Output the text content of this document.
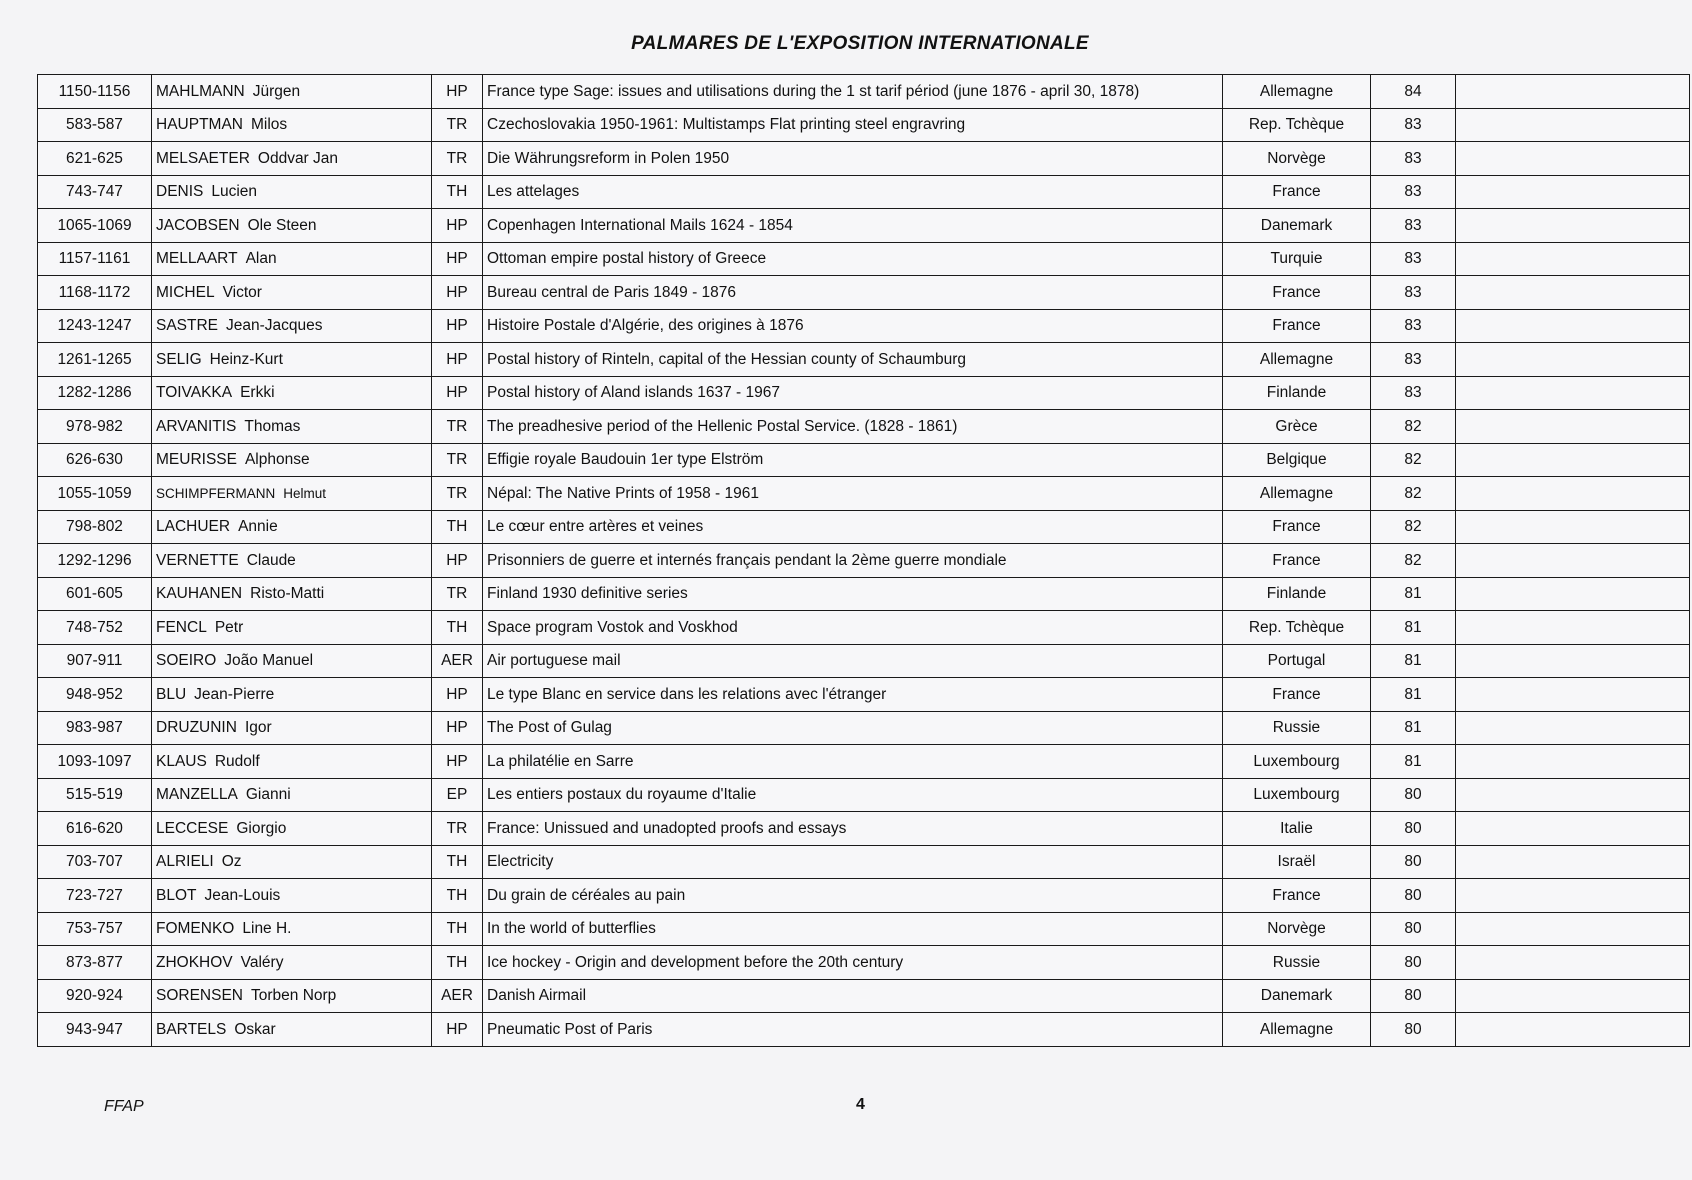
PALMARES DE L'EXPOSITION INTERNATIONALE
1150-1156	MAHLMANN Jürgen	HP	France type Sage: issues and utilisations during the 1 st tarif périod (june 1876 - april 30, 1878)	Allemagne	84	
583-587	HAUPTMAN Milos	TR	Czechoslovakia 1950-1961: Multistamps Flat printing steel engravring	Rep. Tchèque	83	
621-625	MELSAETER Oddvar Jan	TR	Die Währungsreform in Polen 1950	Norvège	83	
743-747	DENIS Lucien	TH	Les attelages	France	83	
1065-1069	JACOBSEN Ole Steen	HP	Copenhagen International Mails 1624 - 1854	Danemark	83	
1157-1161	MELLAART Alan	HP	Ottoman empire postal history of Greece	Turquie	83	
1168-1172	MICHEL Victor	HP	Bureau central de Paris 1849 - 1876	France	83	
1243-1247	SASTRE Jean-Jacques	HP	Histoire Postale d'Algérie, des origines à 1876	France	83	
1261-1265	SELIG Heinz-Kurt	HP	Postal history of Rinteln, capital of the Hessian county of Schaumburg	Allemagne	83	
1282-1286	TOIVAKKA Erkki	HP	Postal history of Aland islands 1637 - 1967	Finlande	83	
978-982	ARVANITIS Thomas	TR	The preadhesive period of the Hellenic Postal Service. (1828 - 1861)	Grèce	82	
626-630	MEURISSE Alphonse	TR	Effigie royale Baudouin 1er type Elström	Belgique	82	
1055-1059	SCHIMPFERMANN Helmut	TR	Népal: The Native Prints of 1958 - 1961	Allemagne	82	
798-802	LACHUER Annie	TH	Le cœur entre artères et veines	France	82	
1292-1296	VERNETTE Claude	HP	Prisonniers de guerre et internés français pendant la 2ème guerre mondiale	France	82	
601-605	KAUHANEN Risto-Matti	TR	Finland 1930 definitive series	Finlande	81	
748-752	FENCL Petr	TH	Space program Vostok and Voskhod	Rep. Tchèque	81	
907-911	SOEIRO João Manuel	AER	Air portuguese mail	Portugal	81	
948-952	BLU Jean-Pierre	HP	Le type Blanc en service dans les relations avec l'étranger	France	81	
983-987	DRUZUNIN Igor	HP	The Post of Gulag	Russie	81	
1093-1097	KLAUS Rudolf	HP	La philatélie en Sarre	Luxembourg	81	
515-519	MANZELLA Gianni	EP	Les entiers postaux du royaume d'Italie	Luxembourg	80	
616-620	LECCESE Giorgio	TR	France: Unissued and unadopted proofs and essays	Italie	80	
703-707	ALRIELI Oz	TH	Electricity	Israël	80	
723-727	BLOT Jean-Louis	TH	Du grain de céréales au pain	France	80	
753-757	FOMENKO Line H.	TH	In the world of butterflies	Norvège	80	
873-877	ZHOKHOV Valéry	TH	Ice hockey - Origin and development before the 20th century	Russie	80	
920-924	SORENSEN Torben Norp	AER	Danish Airmail	Danemark	80	
943-947	BARTELS Oskar	HP	Pneumatic Post of Paris	Allemagne	80	
FFAP	4
